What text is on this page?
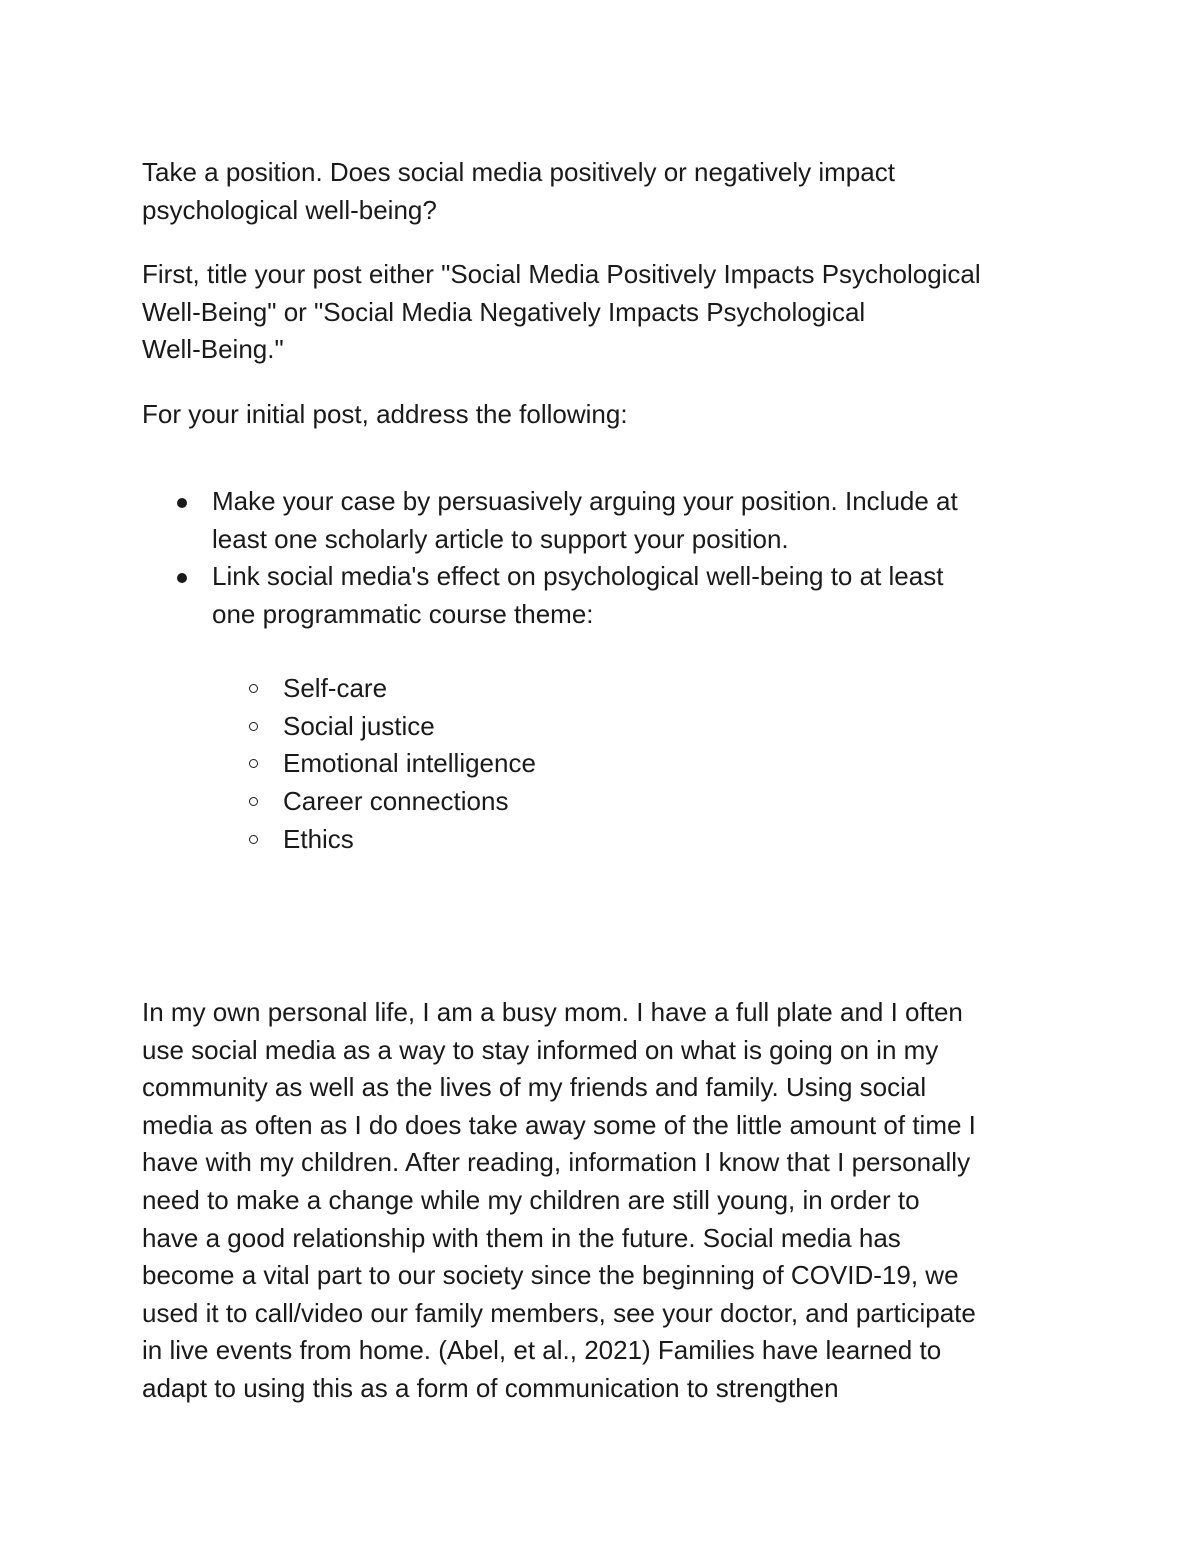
Take a position. Does social media positively or negatively impact
psychological well-being?

First, title your post either "Social Media Positively Impacts Psychological
Well-Being" or "Social Media Negatively Impacts Psychological
Well-Being."

For your initial post, address the following:

Make your case by persuasively arguing your position. Include at
least one scholarly article to support your position.
Link social media's effect on psychological well-being to at least
one programmatic course theme:
Self-care
Social justice
Emotional intelligence
Career connections
Ethics

In my own personal life, I am a busy mom. I have a full plate and I often
use social media as a way to stay informed on what is going on in my
community as well as the lives of my friends and family. Using social
media as often as I do does take away some of the little amount of time I
have with my children. After reading, information I know that I personally
need to make a change while my children are still young, in order to
have a good relationship with them in the future. Social media has
become a vital part to our society since the beginning of COVID-19, we
used it to call/video our family members, see your doctor, and participate
in live events from home. (Abel, et al., 2021) Families have learned to
adapt to using this as a form of communication to strengthen
